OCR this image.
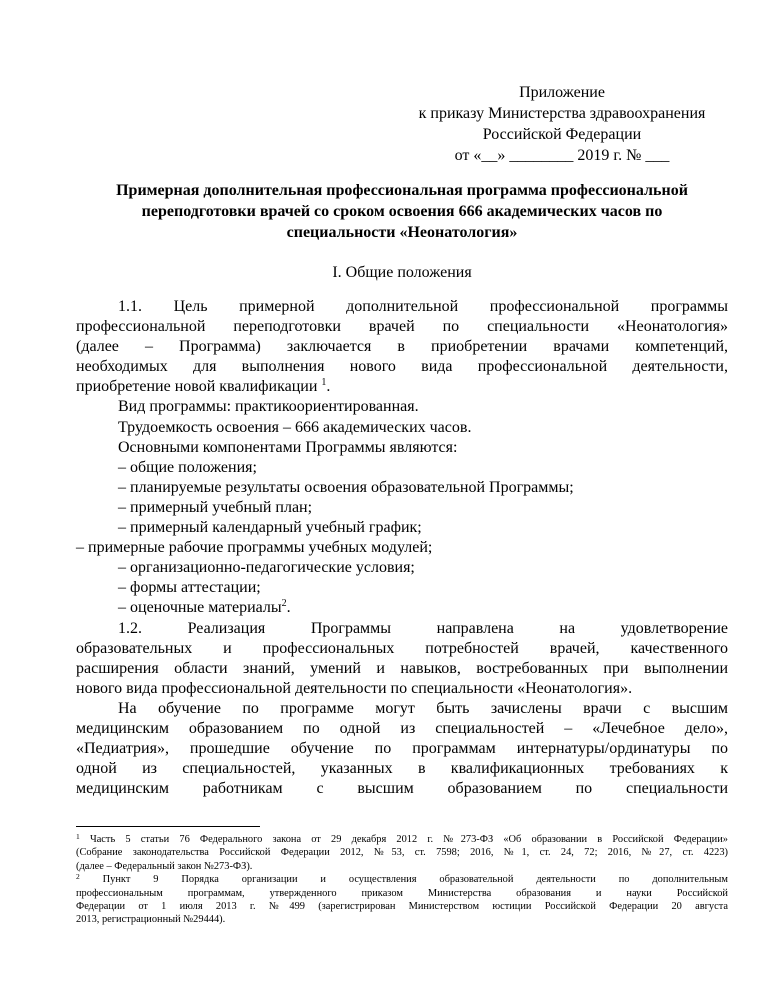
Приложение
к приказу Министерства здравоохранения
Российской Федерации
от «__» ________ 2019 г. № ___
Примерная дополнительная профессиональная программа профессиональной
переподготовки врачей со сроком освоения 666 академических часов по
специальности «Неонатология»
I. Общие положения
1.1. Цель примерной дополнительной профессиональной программы
профессиональной переподготовки врачей по специальности «Неонатология»
(далее – Программа) заключается в приобретении врачами компетенций,
необходимых для выполнения нового вида профессиональной деятельности,
приобретение новой квалификации $^1$.
Вид программы: практикоориентированная.
Трудоемкость освоения – 666 академических часов.
Основными компонентами Программы являются:
– общие положения;
– планируемые результаты освоения образовательной Программы;
– примерный учебный план;
– примерный календарный учебный график;
– примерные рабочие программы учебных модулей;
– организационно-педагогические условия;
– формы аттестации;
– оценочные материалы$^2$.
1.2. Реализация Программы направлена на удовлетворение
образовательных и профессиональных потребностей врачей, качественного
расширения области знаний, умений и навыков, востребованных при выполнении
нового вида профессиональной деятельности по специальности «Неонатология».
На обучение по программе могут быть зачислены врачи с высшим
медицинским образованием по одной из специальностей – «Лечебное дело»,
«Педиатрия», прошедшие обучение по программам интернатуры/ординатуры по
одной из специальностей, указанных в квалификационных требованиях к
медицинским работникам с высшим образованием по специальности
$^1$ Часть 5 статьи 76 Федерального закона от 29 декабря 2012 г. №273-ФЗ «Об образовании в Российской Федерации»
(Собрание законодательства Российской Федерации 2012, №53, ст. 7598; 2016, №1, ст. 24, 72; 2016, №27, ст. 4223)
(далее – Федеральный закон №273-ФЗ).
$^2$ Пункт 9 Порядка организации и осуществления образовательной деятельности по дополнительным
профессиональным программам, утвержденного приказом Министерства образования и науки Российской
Федерации от 1 июля 2013 г. №499 (зарегистрирован Министерством юстиции Российской Федерации 20 августа
2013, регистрационный №29444).
